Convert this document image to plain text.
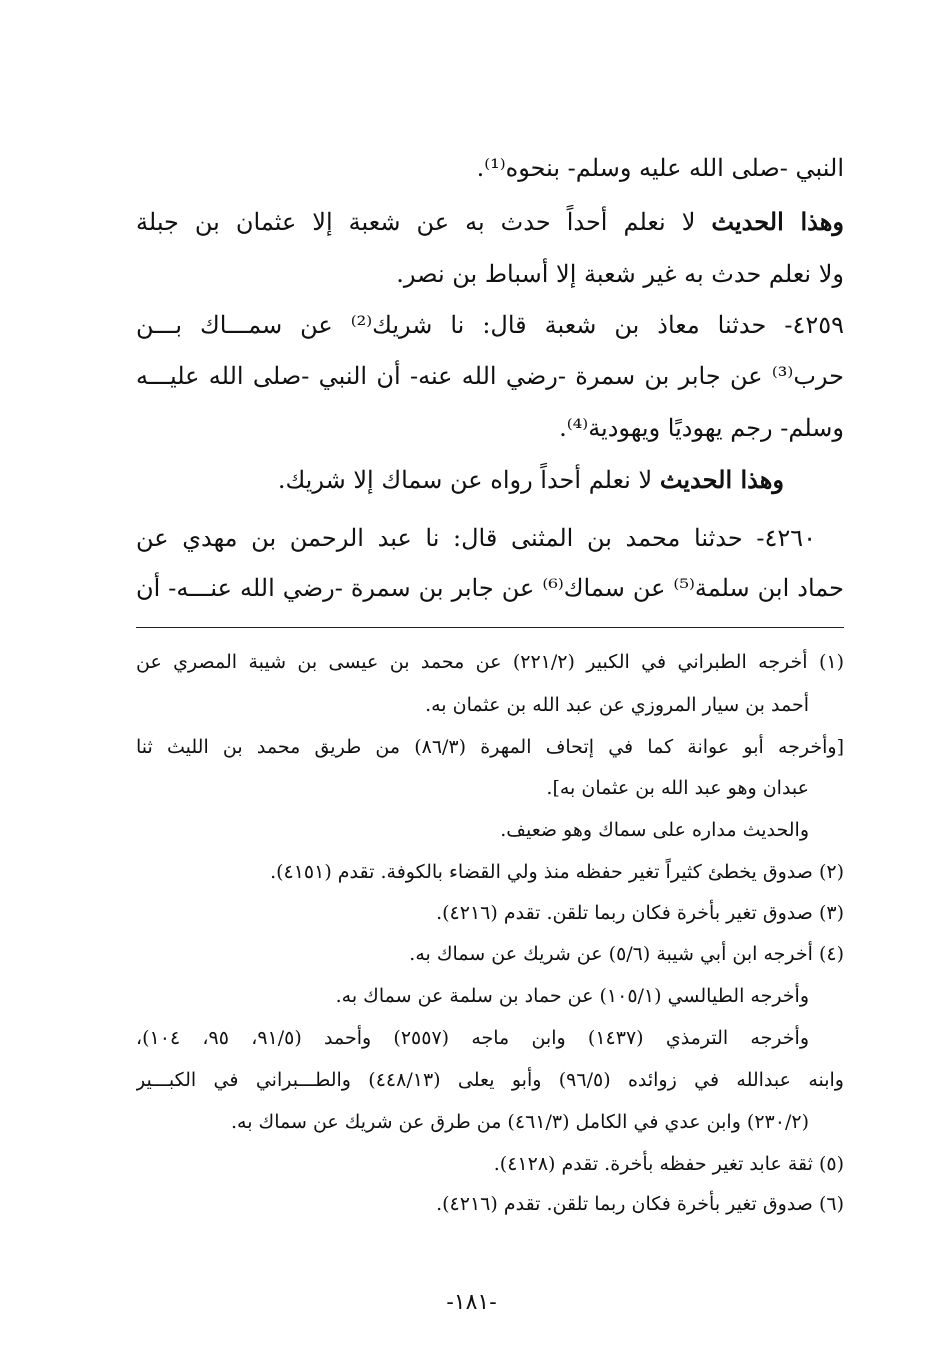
النبي -صلى الله عليه وسلم- بنحوه⁽¹⁾.
وهذا الحديث لا نعلم أحداً حدث به عن شعبة إلا عثمان بن جبلة
ولا نعلم حدث به غير شعبة إلا أسباط بن نصر.
٤٢٥٩- حدثنا معاذ بن شعبة قال: نا شريك⁽²⁾ عن سمـــاك بـــن
حرب⁽³⁾ عن جابر بن سمرة -رضي الله عنه- أن النبي -صلى الله عليـــه
وسلم- رجم يهوديًا ويهودية⁽⁴⁾.
وهذا الحديث لا نعلم أحداً رواه عن سماك إلا شريك.
٤٢٦٠- حدثنا محمد بن المثنى قال: نا عبد الرحمن بن مهدي عن
حماد ابن سلمة⁽⁵⁾ عن سماك⁽⁶⁾ عن جابر بن سمرة -رضي الله عنـــه- أن
(١) أخرجه الطبراني في الكبير (٢٢١/٢) عن محمد بن عيسى بن شيبة المصري عن
أحمد بن سيار المروزي عن عبد الله بن عثمان به.
[وأخرجه أبو عوانة كما في إتحاف المهرة (٨٦/٣) من طريق محمد بن الليث ثنا
عبدان وهو عبد الله بن عثمان به].
والحديث مداره على سماك وهو ضعيف.
(٢) صدوق يخطئ كثيراً تغير حفظه منذ ولي القضاء بالكوفة. تقدم (٤١٥١).
(٣) صدوق تغير بأخرة فكان ربما تلقن. تقدم (٤٢١٦).
(٤) أخرجه ابن أبي شيبة (٥/٦) عن شريك عن سماك به.
وأخرجه الطيالسي (١٠٥/١) عن حماد بن سلمة عن سماك به.
وأخرجه الترمذي (١٤٣٧) وابن ماجه (٢٥٥٧) وأحمد (٩١/٥، ٩٥، ١٠٤)،
وابنه عبدالله في زوائده (٩٦/٥) وأبو يعلى (٤٤٨/١٣) والطـــبراني في الكبـــير
(٢٣٠/٢) وابن عدي في الكامل (٤٦١/٣) من طرق عن شريك عن سماك به.
(٥) ثقة عابد تغير حفظه بأخرة. تقدم (٤١٢٨).
(٦) صدوق تغير بأخرة فكان ربما تلقن. تقدم (٤٢١٦).
-١٨١-
